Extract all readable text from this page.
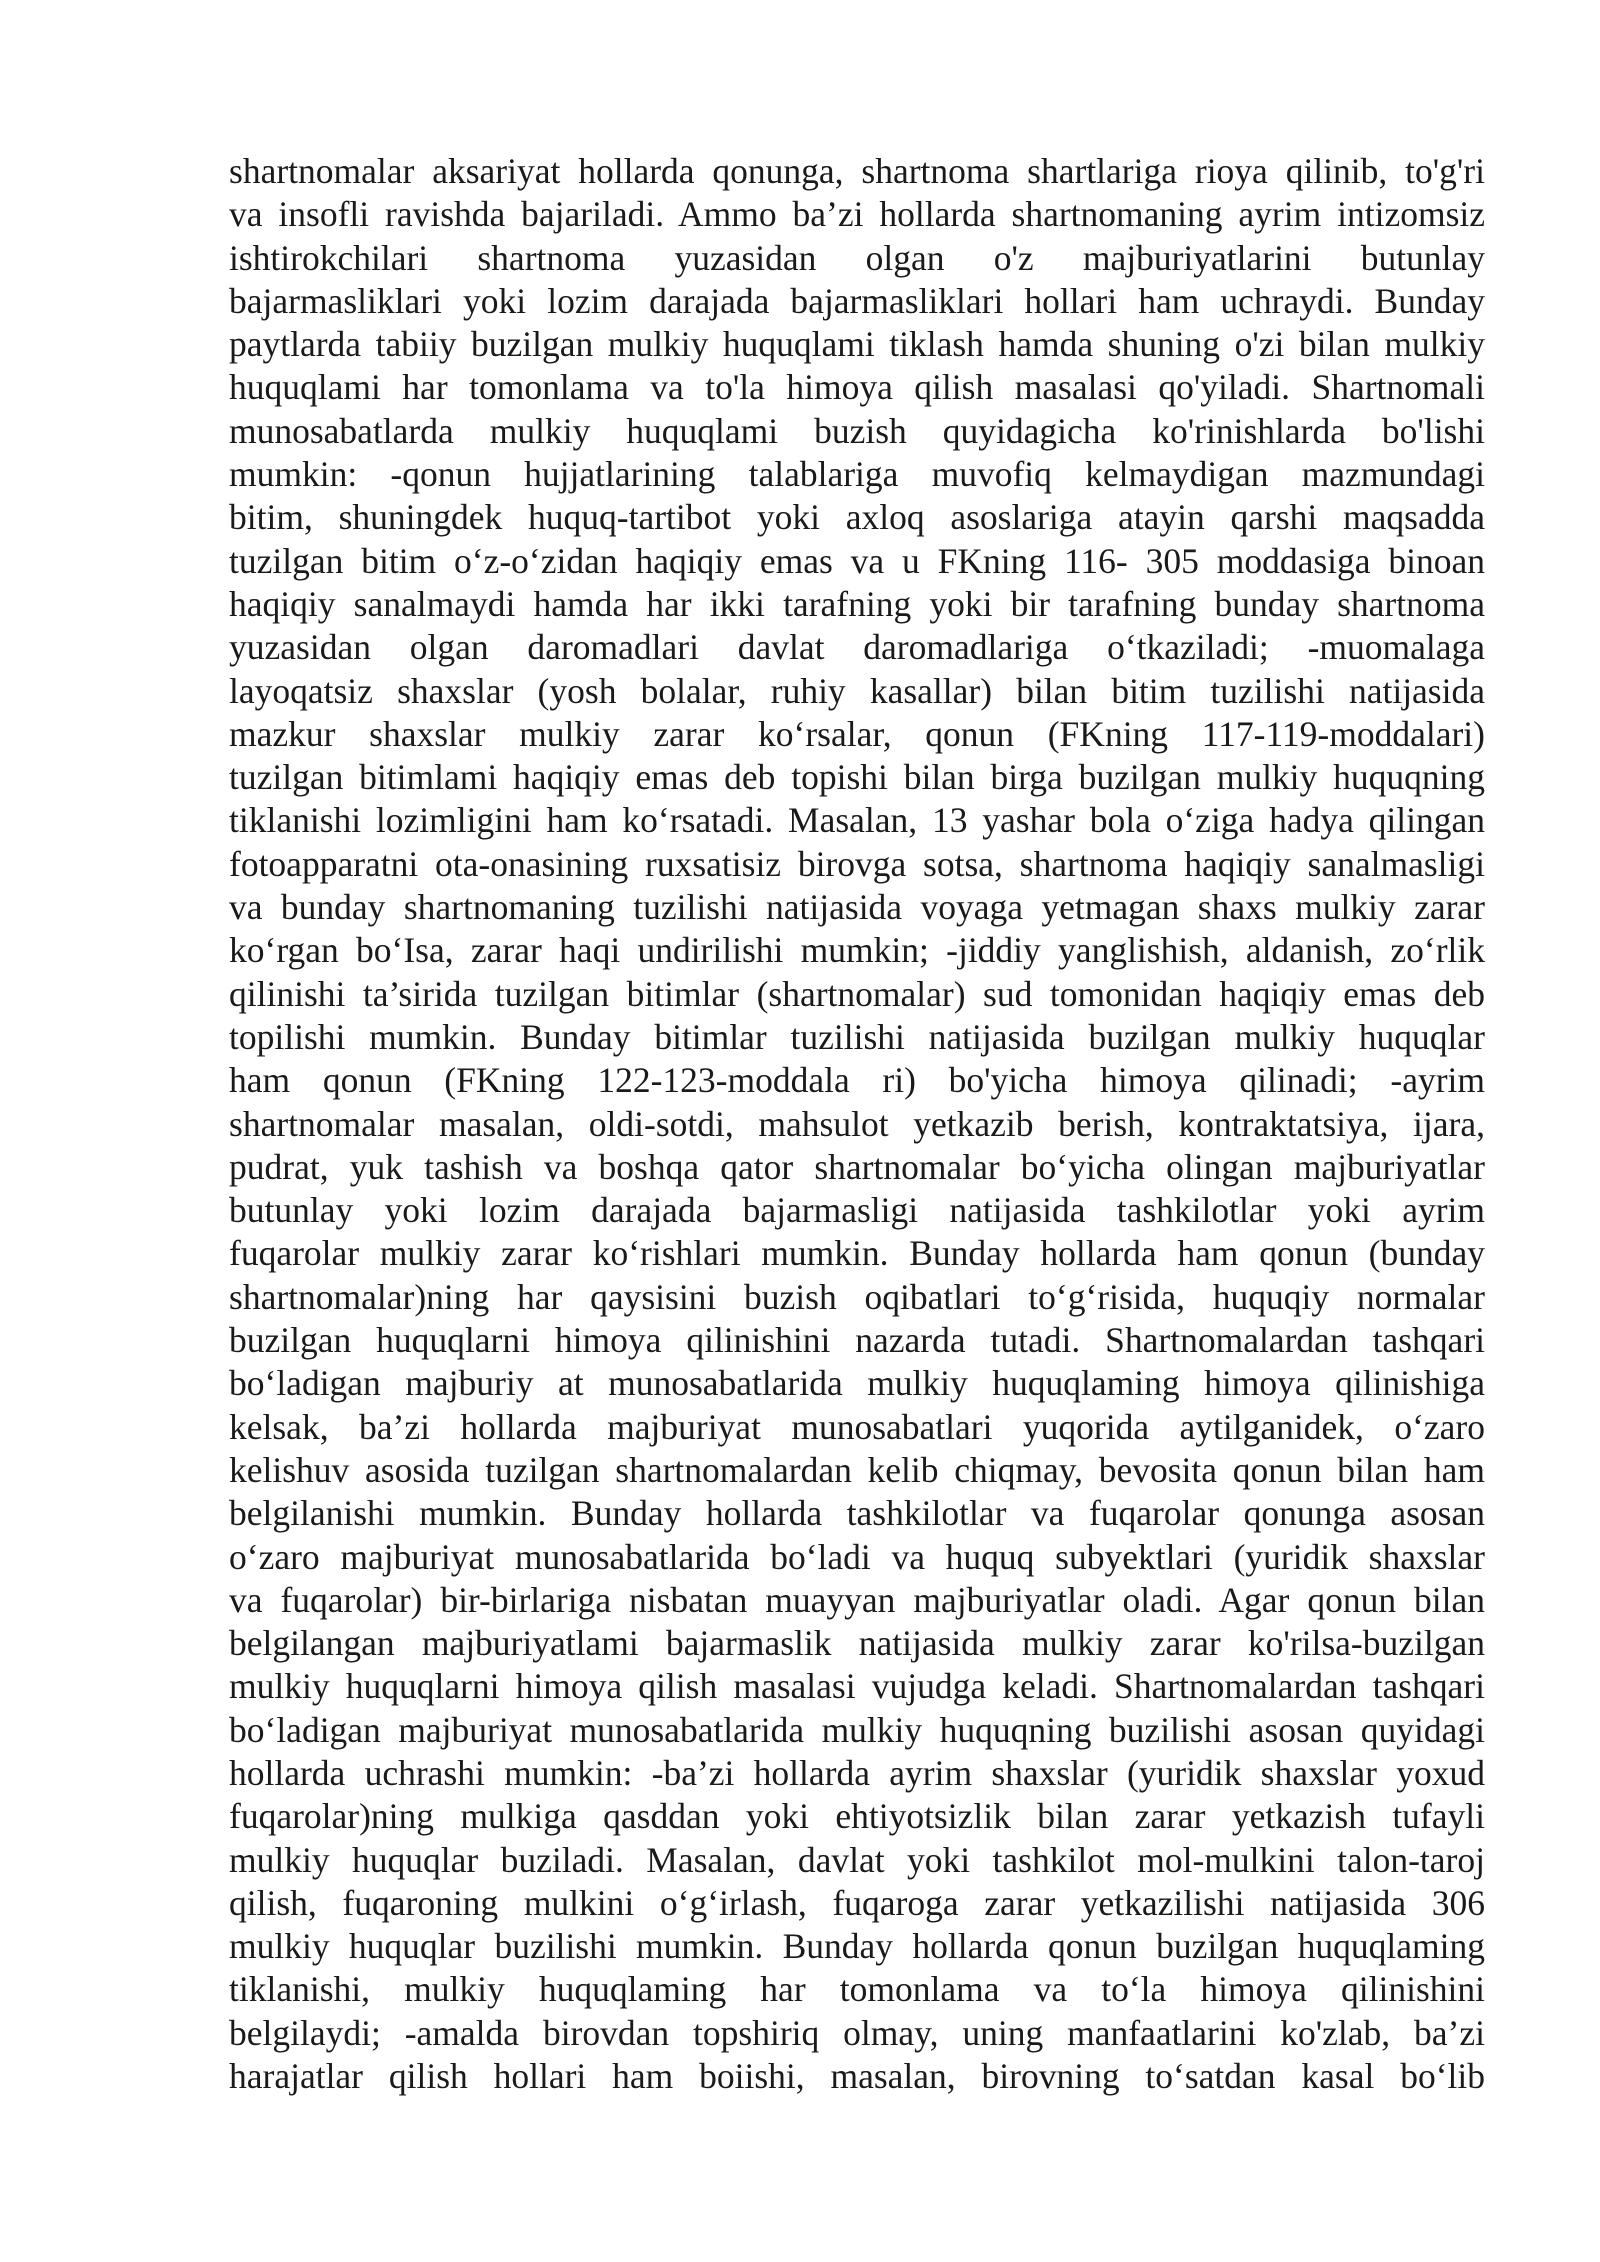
shartnomalar aksariyat hollarda qonunga, shartnoma shartlariga rioya qilinib, to'g'ri
va insofli ravishda bajariladi. Ammo ba’zi hollarda shartnomaning ayrim intizomsiz
ishtirokchilari shartnoma yuzasidan olgan o'z majburiyatlarini butunlay
bajarmasliklari yoki lozim darajada bajarmasliklari hollari ham uchraydi. Bunday
paytlarda tabiiy buzilgan mulkiy huquqlami tiklash hamda shuning o'zi bilan mulkiy
huquqlami har tomonlama va to'la himoya qilish masalasi qo'yiladi. Shartnomali
munosabatlarda mulkiy huquqlami buzish quyidagicha ko'rinishlarda bo'lishi
mumkin: -qonun hujjatlarining talablariga muvofiq kelmaydigan mazmundagi
bitim, shuningdek huquq-tartibot yoki axloq asoslariga atayin qarshi maqsadda
tuzilgan bitim o‘z-o‘zidan haqiqiy emas va u FKning 116- 305 moddasiga binoan
haqiqiy sanalmaydi hamda har ikki tarafning yoki bir tarafning bunday shartnoma
yuzasidan olgan daromadlari davlat daromadlariga o‘tkaziladi; -muomalaga
layoqatsiz shaxslar (yosh bolalar, ruhiy kasallar) bilan bitim tuzilishi natijasida
mazkur shaxslar mulkiy zarar ko‘rsalar, qonun (FKning 117-119-moddalari)
tuzilgan bitimlami haqiqiy emas deb topishi bilan birga buzilgan mulkiy huquqning
tiklanishi lozimligini ham ko‘rsatadi. Masalan, 13 yashar bola o‘ziga hadya qilingan
fotoapparatni ota-onasining ruxsatisiz birovga sotsa, shartnoma haqiqiy sanalmasligi
va bunday shartnomaning tuzilishi natijasida voyaga yetmagan shaxs mulkiy zarar
ko‘rgan bo‘Isa, zarar haqi undirilishi mumkin; -jiddiy yanglishish, aldanish, zo‘rlik
qilinishi ta’sirida tuzilgan bitimlar (shartnomalar) sud tomonidan haqiqiy emas deb
topilishi mumkin. Bunday bitimlar tuzilishi natijasida buzilgan mulkiy huquqlar
ham qonun (FKning 122-123-moddala ri) bo'yicha himoya qilinadi; -ayrim
shartnomalar masalan, oldi-sotdi, mahsulot yetkazib berish, kontraktatsiya, ijara,
pudrat, yuk tashish va boshqa qator shartnomalar bo‘yicha olingan majburiyatlar
butunlay yoki lozim darajada bajarmasligi natijasida tashkilotlar yoki ayrim
fuqarolar mulkiy zarar ko‘rishlari mumkin. Bunday hollarda ham qonun (bunday
shartnomalar)ning har qaysisini buzish oqibatlari to‘g‘risida, huquqiy normalar
buzilgan huquqlarni himoya qilinishini nazarda tutadi. Shartnomalardan tashqari
bo‘ladigan majburiy at munosabatlarida mulkiy huquqlaming himoya qilinishiga
kelsak, ba’zi hollarda majburiyat munosabatlari yuqorida aytilganidek, o‘zaro
kelishuv asosida tuzilgan shartnomalardan kelib chiqmay, bevosita qonun bilan ham
belgilanishi mumkin. Bunday hollarda tashkilotlar va fuqarolar qonunga asosan
o‘zaro majburiyat munosabatlarida bo‘ladi va huquq subyektlari (yuridik shaxslar
va fuqarolar) bir-birlariga nisbatan muayyan majburiyatlar oladi. Agar qonun bilan
belgilangan majburiyatlami bajarmaslik natijasida mulkiy zarar ko'rilsa-buzilgan
mulkiy huquqlarni himoya qilish masalasi vujudga keladi. Shartnomalardan tashqari
bo‘ladigan majburiyat munosabatlarida mulkiy huquqning buzilishi asosan quyidagi
hollarda uchrashi mumkin: -ba’zi hollarda ayrim shaxslar (yuridik shaxslar yoxud
fuqarolar)ning mulkiga qasddan yoki ehtiyotsizlik bilan zarar yetkazish tufayli
mulkiy huquqlar buziladi. Masalan, davlat yoki tashkilot mol-mulkini talon-taroj
qilish, fuqaroning mulkini o‘g‘irlash, fuqaroga zarar yetkazilishi natijasida 306
mulkiy huquqlar buzilishi mumkin. Bunday hollarda qonun buzilgan huquqlaming
tiklanishi, mulkiy huquqlaming har tomonlama va to‘la himoya qilinishini
belgilaydi; -amalda birovdan topshiriq olmay, uning manfaatlarini ko'zlab, ba’zi
harajatlar qilish hollari ham boiishi, masalan, birovning to‘satdan kasal bo‘lib
